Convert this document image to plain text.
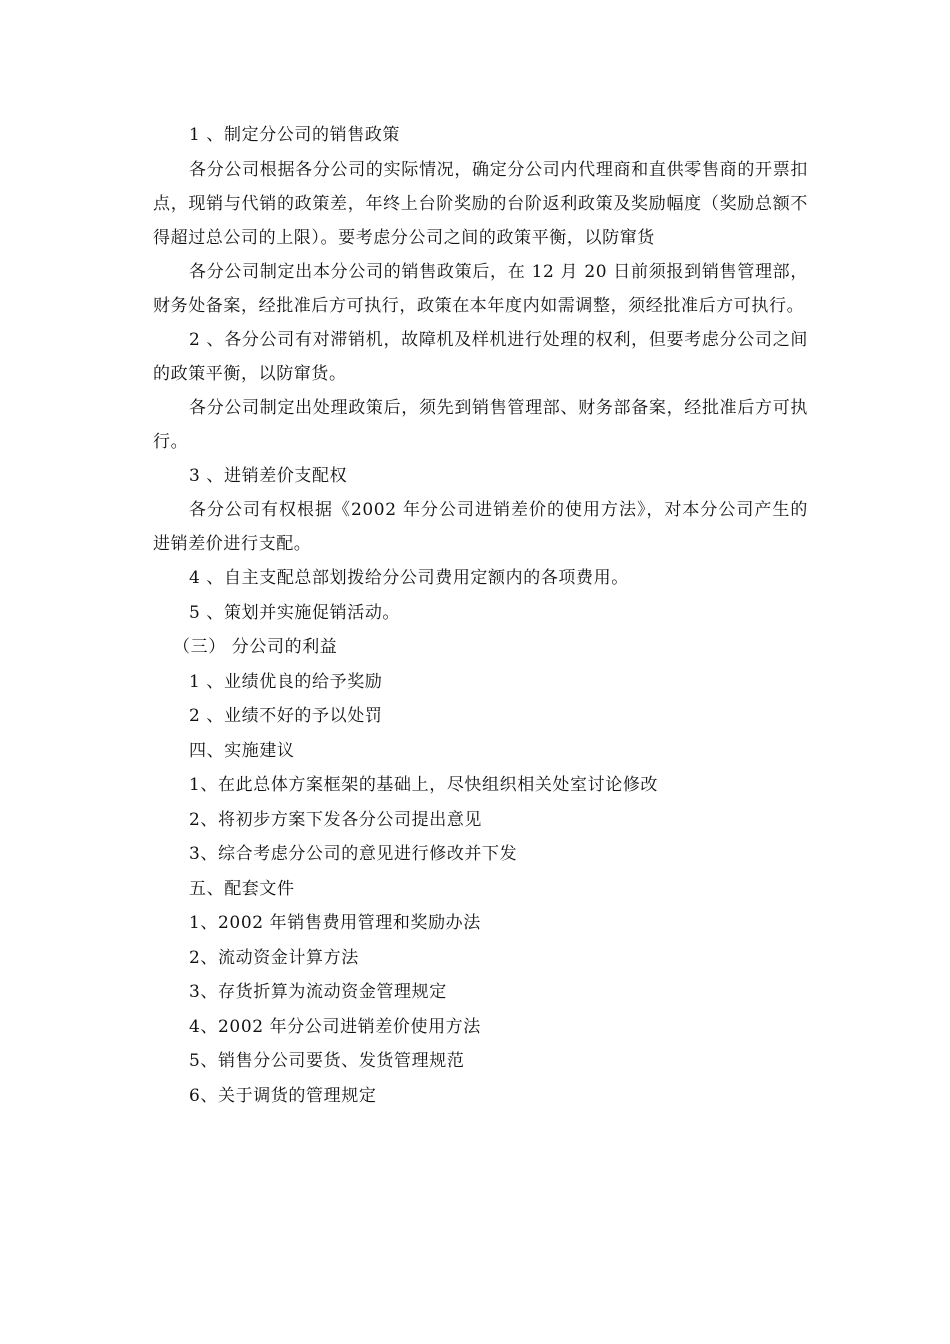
1 、制定分公司的销售政策

各分公司根据各分公司的实际情况，确定分公司内代理商和直供零售商的开票扣点，现销与代销的政策差，年终上台阶奖励的台阶返利政策及奖励幅度（奖励总额不得超过总公司的上限）。要考虑分公司之间的政策平衡，以防窜货

各分公司制定出本分公司的销售政策后，在 12 月 20 日前须报到销售管理部，财务处备案，经批准后方可执行，政策在本年度内如需调整，须经批准后方可执行。

2 、各分公司有对滞销机，故障机及样机进行处理的权利，但要考虑分公司之间的政策平衡，以防窜货。

各分公司制定出处理政策后，须先到销售管理部、财务部备案，经批准后方可执行。

3 、进销差价支配权

各分公司有权根据《2002 年分公司进销差价的使用方法》，对本分公司产生的进销差价进行支配。

4 、自主支配总部划拨给分公司费用定额内的各项费用。

5 、策划并实施促销活动。

（三） 分公司的利益

1 、业绩优良的给予奖励

2 、业绩不好的予以处罚

四、实施建议

1、在此总体方案框架的基础上，尽快组织相关处室讨论修改

2、将初步方案下发各分公司提出意见

3、综合考虑分公司的意见进行修改并下发

五、配套文件

1、2002 年销售费用管理和奖励办法

2、流动资金计算方法

3、存货折算为流动资金管理规定

4、2002 年分公司进销差价使用方法

5、销售分公司要货、发货管理规范

6、关于调货的管理规定
